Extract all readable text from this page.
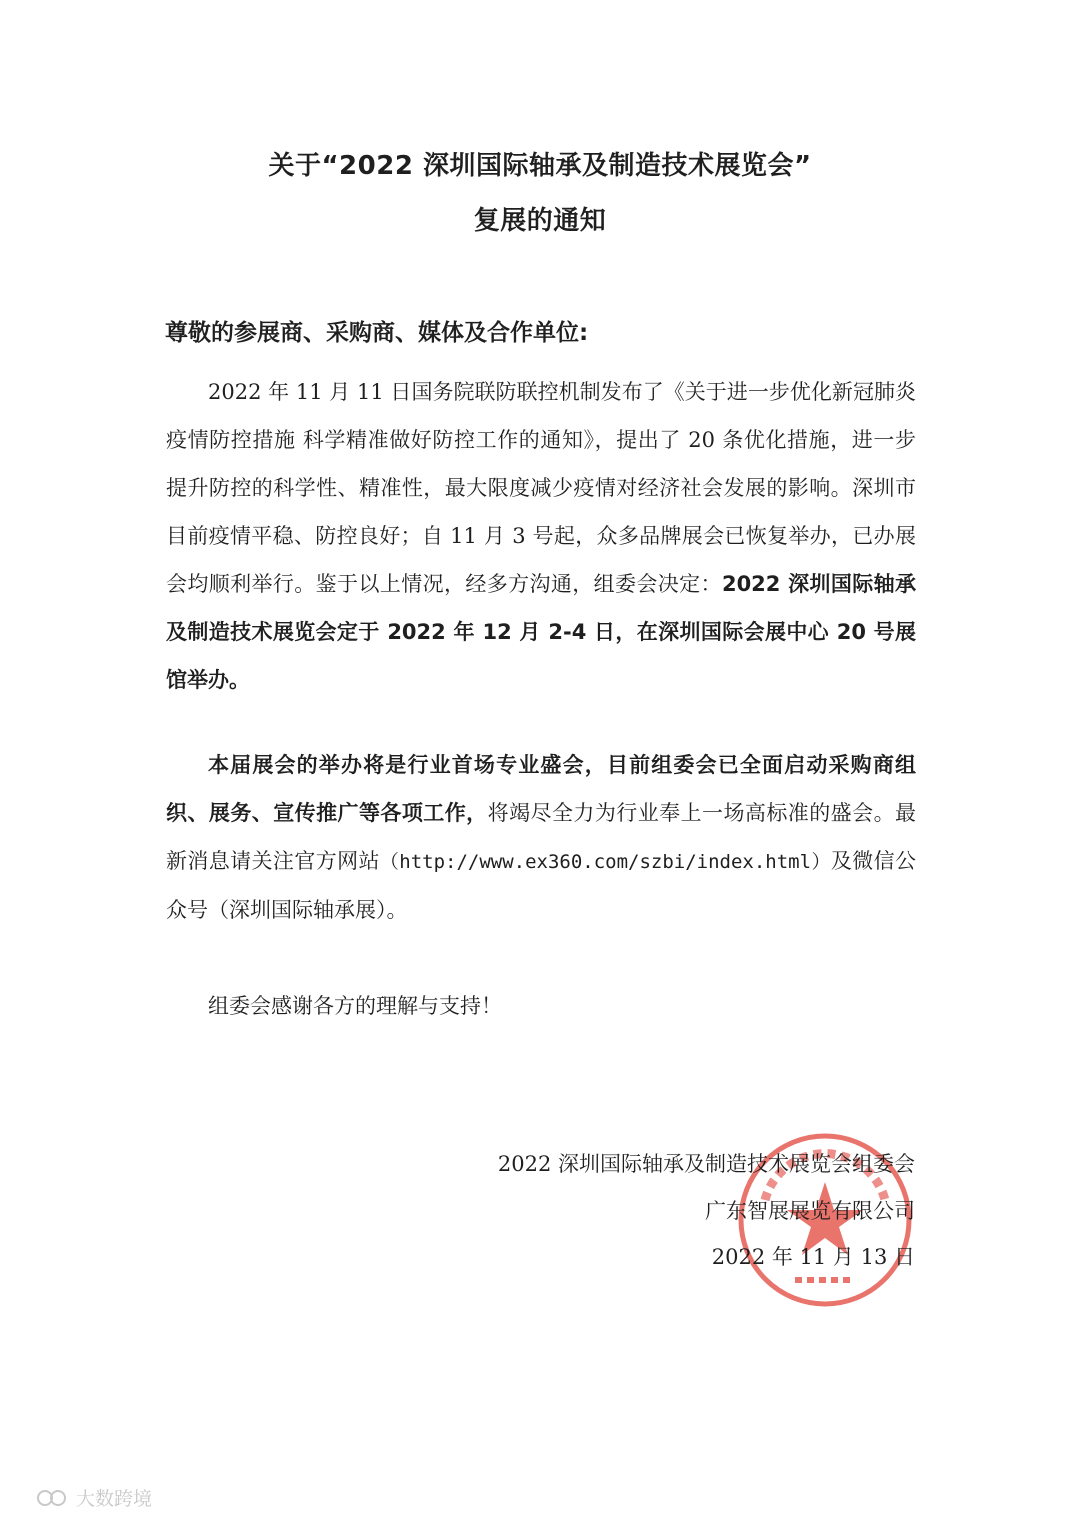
关于“2022 深圳国际轴承及制造技术展览会”
复展的通知
尊敬的参展商、采购商、媒体及合作单位:

2022 年 11 月 11 日国务院联防联控机制发布了《关于进一步优化新冠肺炎疫情防控措施 科学精准做好防控工作的通知》，提出了 20 条优化措施，进一步提升防控的科学性、精准性，最大限度减少疫情对经济社会发展的影响。深圳市目前疫情平稳、防控良好；自 11 月 3 号起，众多品牌展会已恢复举办，已办展会均顺利举行。鉴于以上情况，经多方沟通，组委会决定：2022 深圳国际轴承及制造技术展览会定于 2022 年 12 月 2-4 日，在深圳国际会展中心 20 号展馆举办。

本届展会的举办将是行业首场专业盛会，目前组委会已全面启动采购商组织、展务、宣传推广等各项工作，将竭尽全力为行业奉上一场高标准的盛会。最新消息请关注官方网站（http://www.ex360.com/szbi/index.html）及微信公众号（深圳国际轴承展）。

组委会感谢各方的理解与支持！

2022 深圳国际轴承及制造技术展览会组委会
广东智展展览有限公司
2022 年 11 月 13 日
大数跨境
